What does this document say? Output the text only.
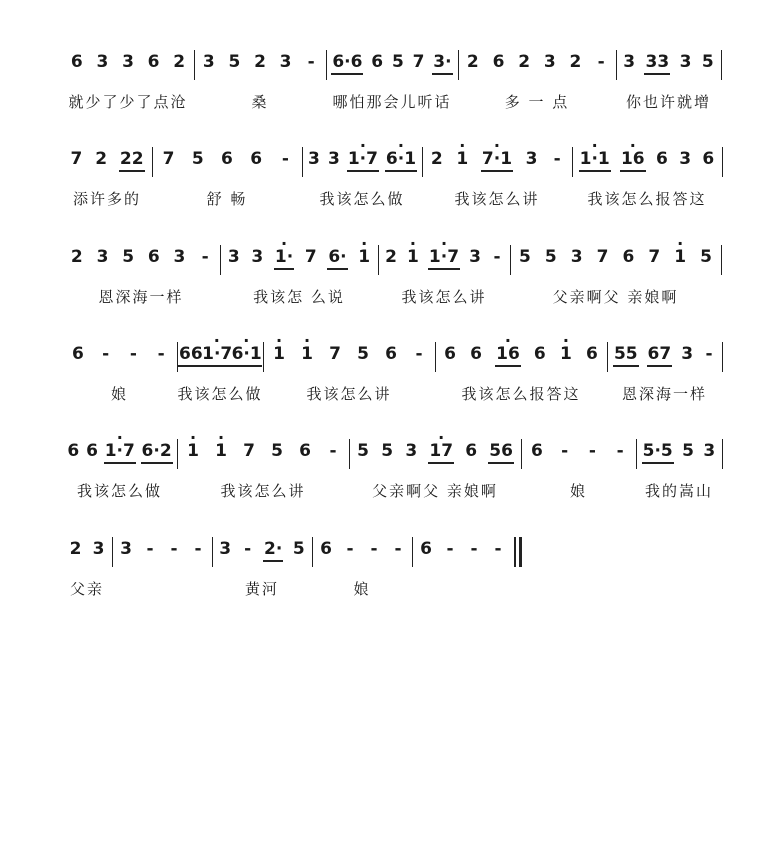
6 3 3 6 2 3 5 2 3 - 6·6 6 5 7 3· 2 6 2 3 2 - 3 33 3 5
就少了少了点沧	桑	哪怕那会儿听话	多 一 点	你也许就增
7 2 22 7 5 6 6 - 3 3 · 1·7 · 6·1 2 · 1 · 7·1 3 - · 1·1 · 16 6 3 6
添许多的	舒 畅	我该怎么做	我该怎么讲	我该怎么报答这
2 3 5 6 3 - 3 3 · 1· 7 6· · 1 2 · 1 · 1·7 3 - 5 5 3 7 6 7 · 1 5
恩深海一样	我该怎 么说	我该怎么讲	父亲啊父 亲娘啊
6 - - - 66 · 1·7 · 6·1 · 1 · 1 7 5 6 - 6 6 · 16 6 · 1 6 55 67 3 -
娘	我该怎么做	我该怎么讲	我该怎么报答这	恩深海一样
6 6 · 1·7 6·2 · 1 · 1 7 5 6 - 5 5 3 · 17 6 56 6 - - - 5·5 5 3
我该怎么做	我该怎么讲	父亲啊父 亲娘啊	娘	我的嵩山
2 3 3 - - - 3 - 2· 5 6 - - - 6 - - -
父亲	黄河	娘
